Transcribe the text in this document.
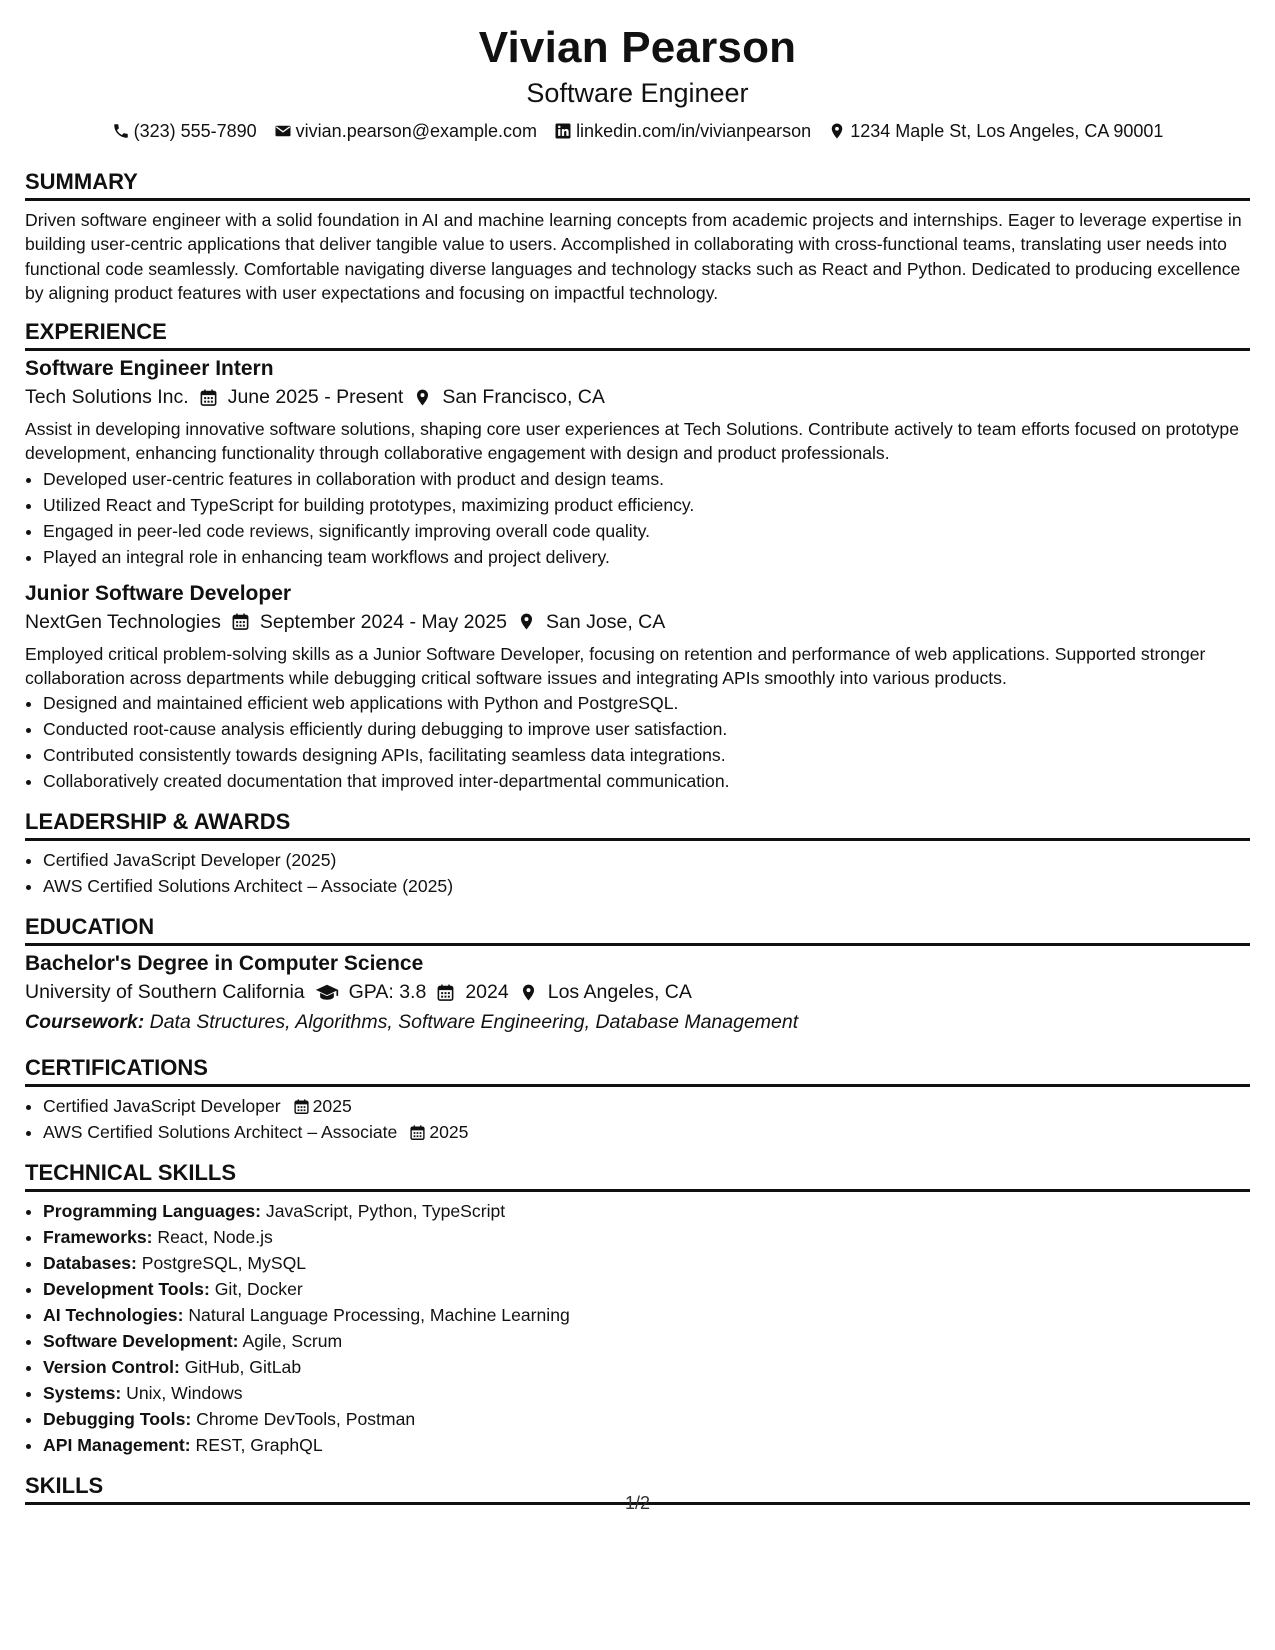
Vivian Pearson
Software Engineer
(323) 555-7890 vivian.pearson@example.com linkedin.com/in/vivianpearson 1234 Maple St, Los Angeles, CA 90001
SUMMARY
Driven software engineer with a solid foundation in AI and machine learning concepts from academic projects and internships. Eager to leverage expertise in building user-centric applications that deliver tangible value to users. Accomplished in collaborating with cross-functional teams, translating user needs into functional code seamlessly. Comfortable navigating diverse languages and technology stacks such as React and Python. Dedicated to producing excellence by aligning product features with user expectations and focusing on impactful technology.
EXPERIENCE
Software Engineer Intern
Tech Solutions Inc. June 2025 - Present San Francisco, CA
Assist in developing innovative software solutions, shaping core user experiences at Tech Solutions. Contribute actively to team efforts focused on prototype development, enhancing functionality through collaborative engagement with design and product professionals.
• Developed user-centric features in collaboration with product and design teams.
• Utilized React and TypeScript for building prototypes, maximizing product efficiency.
• Engaged in peer-led code reviews, significantly improving overall code quality.
• Played an integral role in enhancing team workflows and project delivery.
Junior Software Developer
NextGen Technologies September 2024 - May 2025 San Jose, CA
Employed critical problem-solving skills as a Junior Software Developer, focusing on retention and performance of web applications. Supported stronger collaboration across departments while debugging critical software issues and integrating APIs smoothly into various products.
• Designed and maintained efficient web applications with Python and PostgreSQL.
• Conducted root-cause analysis efficiently during debugging to improve user satisfaction.
• Contributed consistently towards designing APIs, facilitating seamless data integrations.
• Collaboratively created documentation that improved inter-departmental communication.
LEADERSHIP & AWARDS
• Certified JavaScript Developer (2025)
• AWS Certified Solutions Architect – Associate (2025)
EDUCATION
Bachelor's Degree in Computer Science
University of Southern California GPA: 3.8 2024 Los Angeles, CA
Coursework: Data Structures, Algorithms, Software Engineering, Database Management
CERTIFICATIONS
• Certified JavaScript Developer 2025
• AWS Certified Solutions Architect – Associate 2025
TECHNICAL SKILLS
• Programming Languages: JavaScript, Python, TypeScript
• Frameworks: React, Node.js
• Databases: PostgreSQL, MySQL
• Development Tools: Git, Docker
• AI Technologies: Natural Language Processing, Machine Learning
• Software Development: Agile, Scrum
• Version Control: GitHub, GitLab
• Systems: Unix, Windows
• Debugging Tools: Chrome DevTools, Postman
• API Management: REST, GraphQL
SKILLS
1/2
